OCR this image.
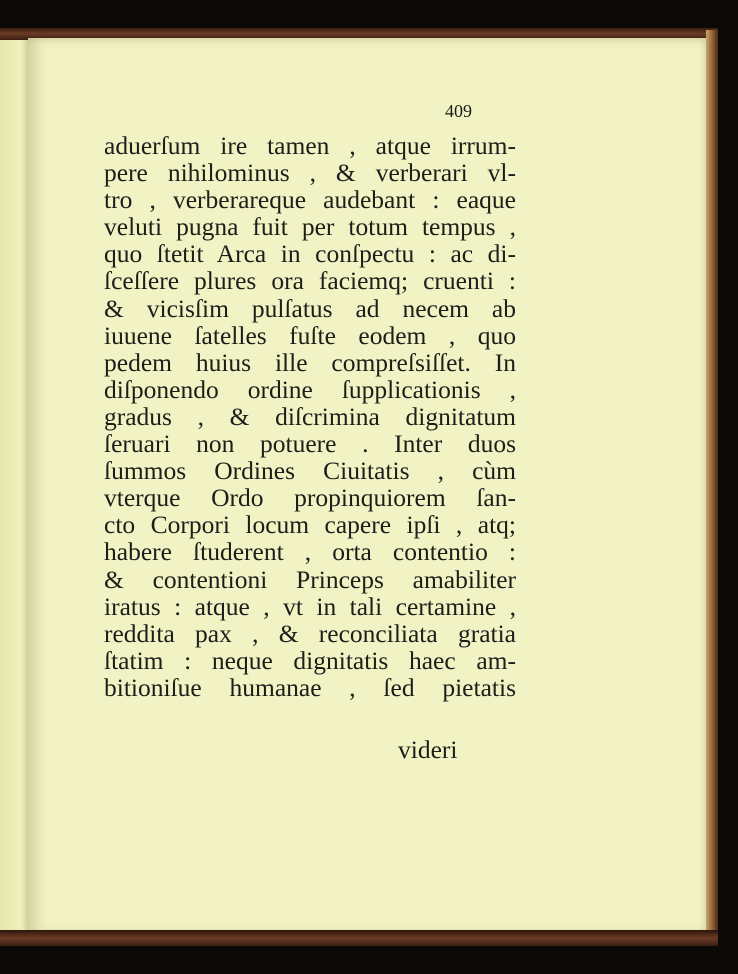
409
aduerſum ire tamen , atque irrum-
pere nihilominus , & verberari vl-
tro , verberareque audebant : eaque
veluti pugna fuit per totum tempus ,
quo ſtetit Arca in conſpectu : ac di-
ſceſſere plures ora faciemq; cruenti :
& vicisſim pulſatus ad necem ab
iuuene ſatelles fuſte eodem , quo
pedem huius ille compreſsiſſet. In
diſponendo ordine ſupplicationis ,
gradus , & diſcrimina dignitatum
ſeruari non potuere . Inter duos
ſummos Ordines Ciuitatis , cùm
vterque Ordo propinquiorem ſan-
cto Corpori locum capere ipſi , atq;
habere ſtuderent , orta contentio :
& contentioni Princeps amabiliter
iratus : atque , vt in tali certamine ,
reddita pax , & reconciliata gratia
ſtatim : neque dignitatis haec am-
bitioniſue humanae , ſed pietatis
videri
